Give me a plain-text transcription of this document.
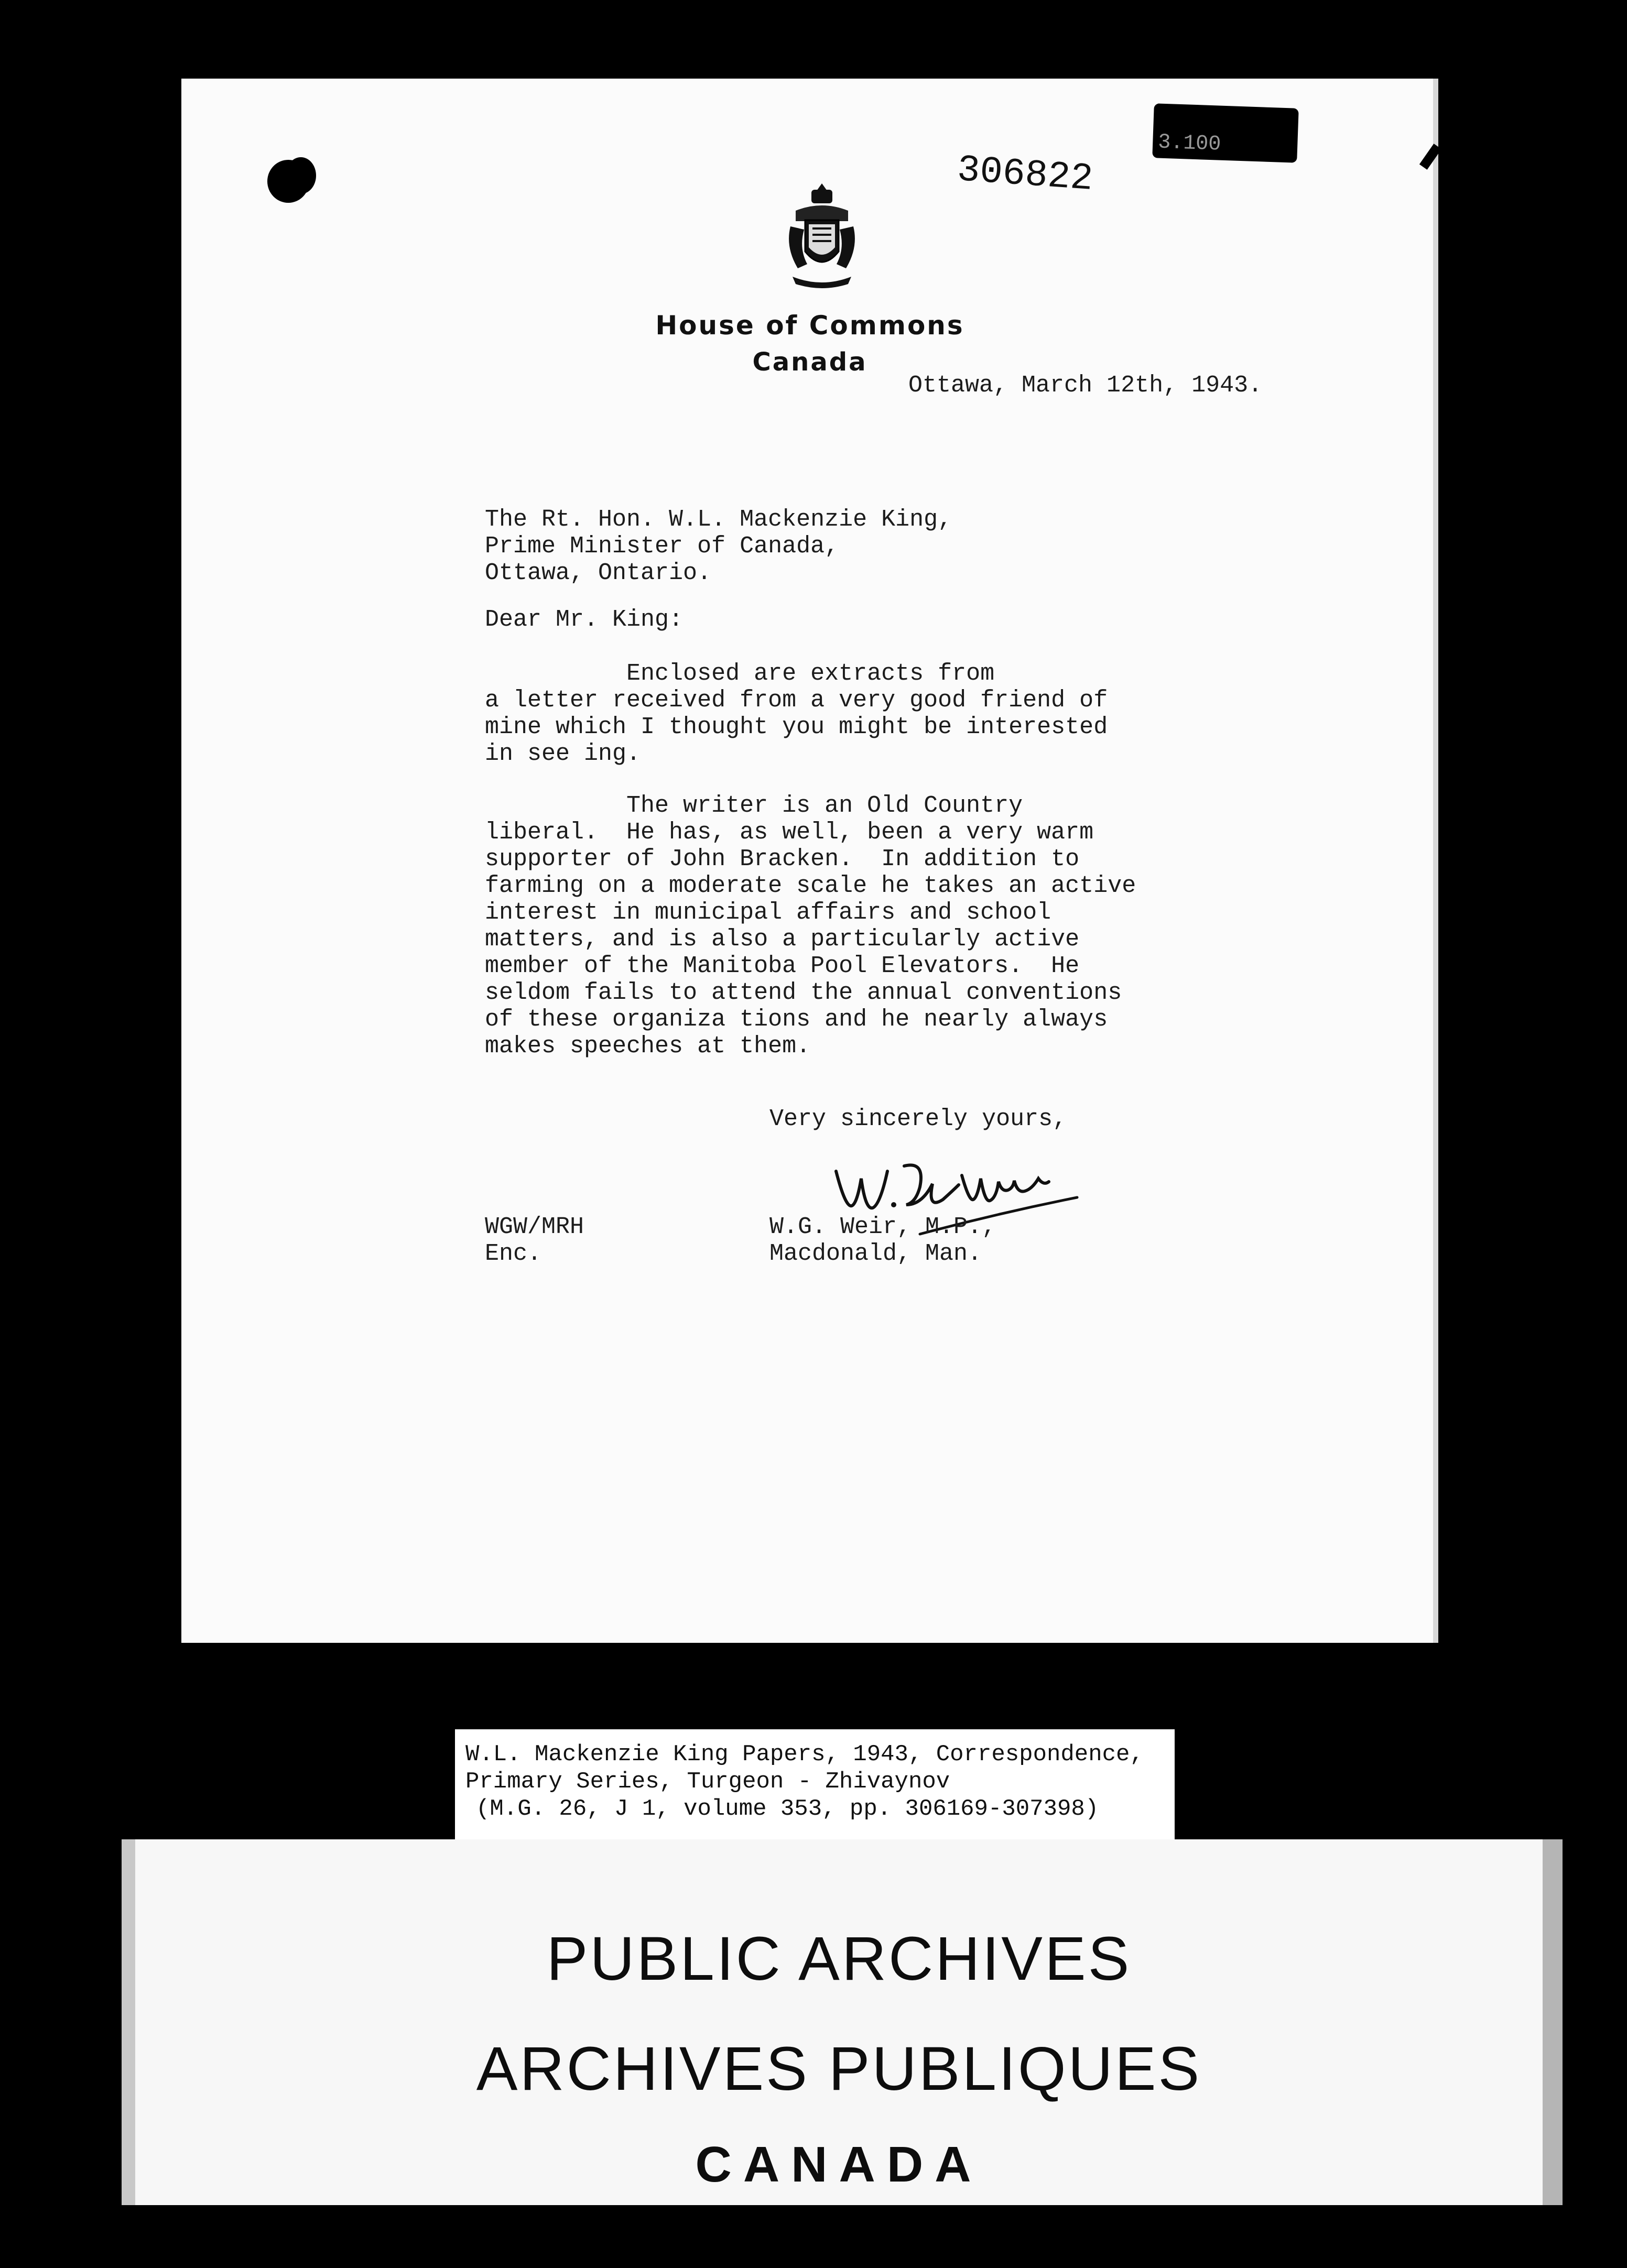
3.100
306822
House of Commons
Canada
Ottawa, March 12th, 1943.
The Rt. Hon. W.L. Mackenzie King,
Prime Minister of Canada,
Ottawa, Ontario.
Dear Mr. King:
Enclosed are extracts from
a letter received from a very good friend of
mine which I thought you might be interested
in see ing.
The writer is an Old Country
liberal.  He has, as well, been a very warm
supporter of John Bracken.  In addition to
farming on a moderate scale he takes an active
interest in municipal affairs and school
matters, and is also a particularly active
member of the Manitoba Pool Elevators.  He
seldom fails to attend the annual conventions
of these organiza tions and he nearly always
makes speeches at them.
Very sincerely yours,
WGW/MRH
Enc.
W.G. Weir, M.P.,
Macdonald, Man.
W.L. Mackenzie King Papers, 1943, Correspondence,
Primary Series, Turgeon - Zhivaynov
(M.G. 26, J 1, volume 353, pp. 306169-307398)
PUBLIC ARCHIVES
ARCHIVES PUBLIQUES
CANADA
